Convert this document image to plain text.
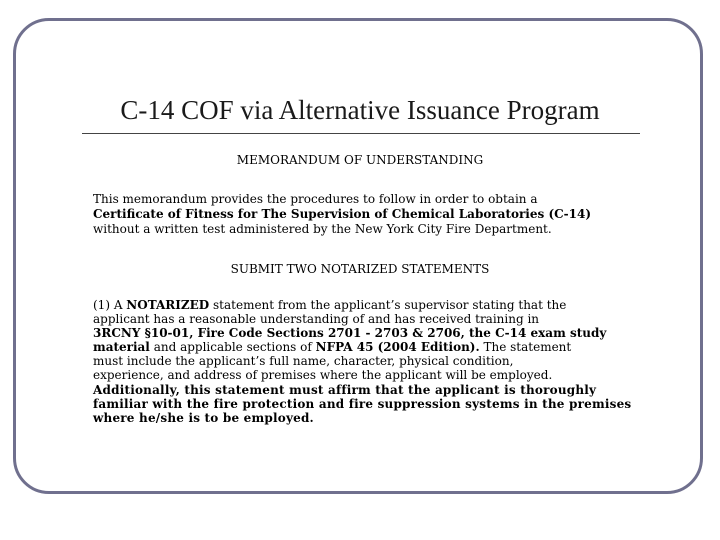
C-14 COF via Alternative Issuance Program
MEMORANDUM OF UNDERSTANDING
This memorandum provides the procedures to follow in order to obtain a
Certificate of Fitness for The Supervision of Chemical Laboratories (C-14)
without a written test administered by the New York City Fire Department.
SUBMIT TWO NOTARIZED STATEMENTS
(1) A NOTARIZED statement from the applicant’s supervisor stating that the
applicant has a reasonable understanding of and has received training in
3RCNY §10-01, Fire Code Sections 2701 - 2703 & 2706, the C-14 exam study
material and applicable sections of NFPA 45 (2004 Edition). The statement
must include the applicant’s full name, character, physical condition,
experience, and address of premises where the applicant will be employed.
Additionally, this statement must affirm that the applicant is thoroughly
familiar with the fire protection and fire suppression systems in the premises
where he/she is to be employed.
